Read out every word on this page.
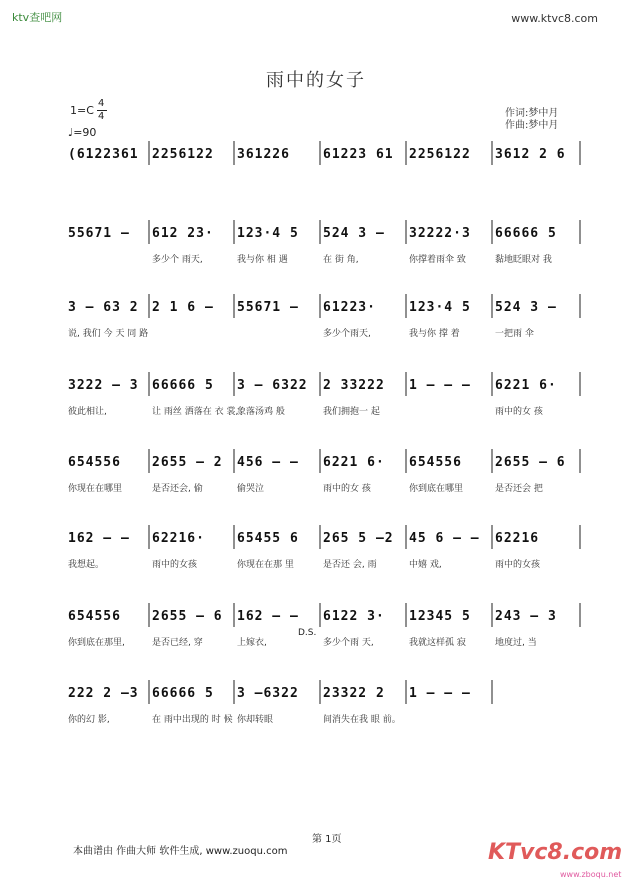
ktv查吧网	www.ktvc8.com
雨中的女子
1=C
4
4
♩=90
作词:梦中月
作曲:梦中月
(6122361 2256122 361226	61223 61 2256122 3612 2 6
55671 – 612 23·
多少个 雨天,
123·4 5
我与你 相 遇
524 3 –
在 街 角,
32222·3
你撑着雨伞 致
66666 5
黏地眨眼对 我
3 – 63 2
说, 我们 今 天 同 路
2 1 6 – 55671 – 61223·
多少个雨天,
123·4 5
我与你 撑 着
524 3 –
一把雨 伞
3222 – 3
彼此相让,
66666 5
让 雨丝 洒落在 衣 裳,
3 – 6322
象落汤鸡 般
2 33222
我们拥抱一 起
1 – – – 6221 6·
雨中的女 孩
654556
你现在在哪里
2655 – 2
是否还会, 偷
456 – –
偷哭泣
6221 6·
雨中的女 孩
654556
你到底在哪里
2655 – 6
是否还会 把
162 – –
我想起。
62216·
雨中的女孩
65455 6
你现在在那 里
265 5 –2
是否还 会, 雨
45 6 – –
中嬉 戏,
62216
雨中的女孩
654556
你到底在那里,
2655 – 6
是否已经, 穿
162 – –
上嫁衣,
6122 3·
多少个雨 天,
12345 5
我就这样孤 寂
243 – 3
地度过, 当
222 2 –3
你的幻 影,
66666 5
在 雨中出现的 时 候
3 –6322
你却转眼
23322 2
间消失在我 眼 前。
1 – – –
D.S.
第 1页
本曲谱由 作曲大师 软件生成, www.zuoqu.com	KTvc8.com
www.zboqu.net
